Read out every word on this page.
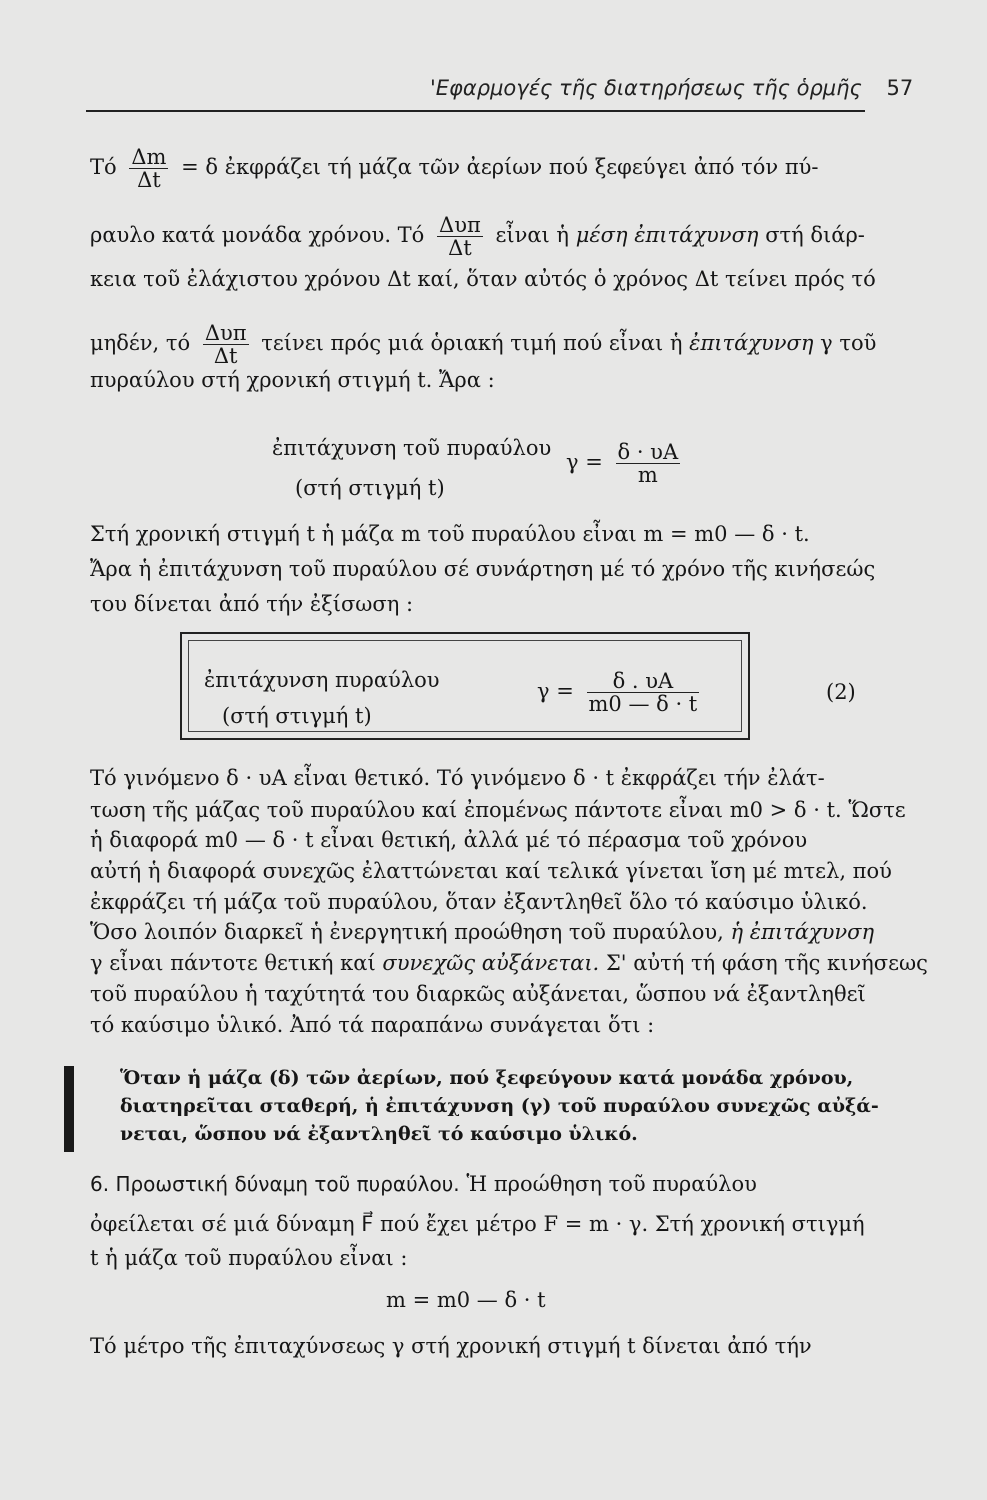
'Εφαρμογές τῆς διατηρήσεως τῆς ὁρμῆς 57
Τό $\frac{\Delta m}{\Delta t} = \delta$ ἐκφράζει τή μάζα τῶν ἀερίων πού ξεφεύγει ἀπό τόν πύ-
ραυλο κατά μονάδα χρόνου. Τό $\frac{\text{Δυπ}}{\Delta t}$ εἶναι ἡ μέση ἐπιτάχυνση στή διάρ-
κεια τοῦ ἐλάχιστου χρόνου Δt καί, ὅταν αὐτός ὁ χρόνος Δt τείνει πρός τό
μηδέν, τό $\frac{\text{Δυπ}}{\Delta t}$ τείνει πρός μιά ὁριακή τιμή πού εἶναι ἡ ἐπιτάχυνση γ τοῦ
πυραύλου στή χρονική στιγμή t. Ἄρα :
ἐπιτάχυνση τοῦ πυραύλου
(στή στιγμή t)
$\gamma = \frac{\delta \cdot \upsilon A}{m}$
Στή χρονική στιγμή t ἡ μάζα m τοῦ πυραύλου εἶναι m = m0 — δ · t.
Ἄρα ἡ ἐπιτάχυνση τοῦ πυραύλου σέ συνάρτηση μέ τό χρόνο τῆς κινήσεώς
του δίνεται ἀπό τήν ἐξίσωση :
ἐπιτάχυνση πυραύλου
(στή στιγμή t)
$\gamma = \frac{\delta . \upsilon A}{m0 — \delta \cdot t}$	(2)
Τό γινόμενο δ · υA εἶναι θετικό. Τό γινόμενο δ · t ἐκφράζει τήν ἐλάτ-
τωση τῆς μάζας τοῦ πυραύλου καί ἐπομένως πάντοτε εἶναι m0 > δ · t. Ὥστε
ἡ διαφορά m0 — δ · t εἶναι θετική, ἀλλά μέ τό πέρασμα τοῦ χρόνου
αὐτή ἡ διαφορά συνεχῶς ἐλαττώνεται καί τελικά γίνεται ἴση μέ mτελ, πού
ἐκφράζει τή μάζα τοῦ πυραύλου, ὅταν ἐξαντληθεῖ ὅλο τό καύσιμο ὑλικό.
Ὅσο λοιπόν διαρκεῖ ἡ ἐνεργητική προώθηση τοῦ πυραύλου, ἡ ἐπιτάχυνση
γ εἶναι πάντοτε θετική καί συνεχῶς αὐξάνεται. Σ' αὐτή τή φάση τῆς κινήσεως
τοῦ πυραύλου ἡ ταχύτητά του διαρκῶς αὐξάνεται, ὥσπου νά ἐξαντληθεῖ
τό καύσιμο ὑλικό. Ἀπό τά παραπάνω συνάγεται ὅτι :
Ὅταν ἡ μάζα (δ) τῶν ἀερίων, πού ξεφεύγουν κατά μονάδα χρόνου,
διατηρεῖται σταθερή, ἡ ἐπιτάχυνση (γ) τοῦ πυραύλου συνεχῶς αὐξά-
νεται, ὥσπου νά ἐξαντληθεῖ τό καύσιμο ὑλικό.
6. Προωστική δύναμη τοῦ πυραύλου. Ἡ προώθηση τοῦ πυραύλου
ὀφείλεται σέ μιά δύναμη F⃗ πού ἔχει μέτρο F = m · γ. Στή χρονική στιγμή
t ἡ μάζα τοῦ πυραύλου εἶναι :
m = m0 — δ · t
Τό μέτρο τῆς ἐπιταχύνσεως γ στή χρονική στιγμή t δίνεται ἀπό τήν
